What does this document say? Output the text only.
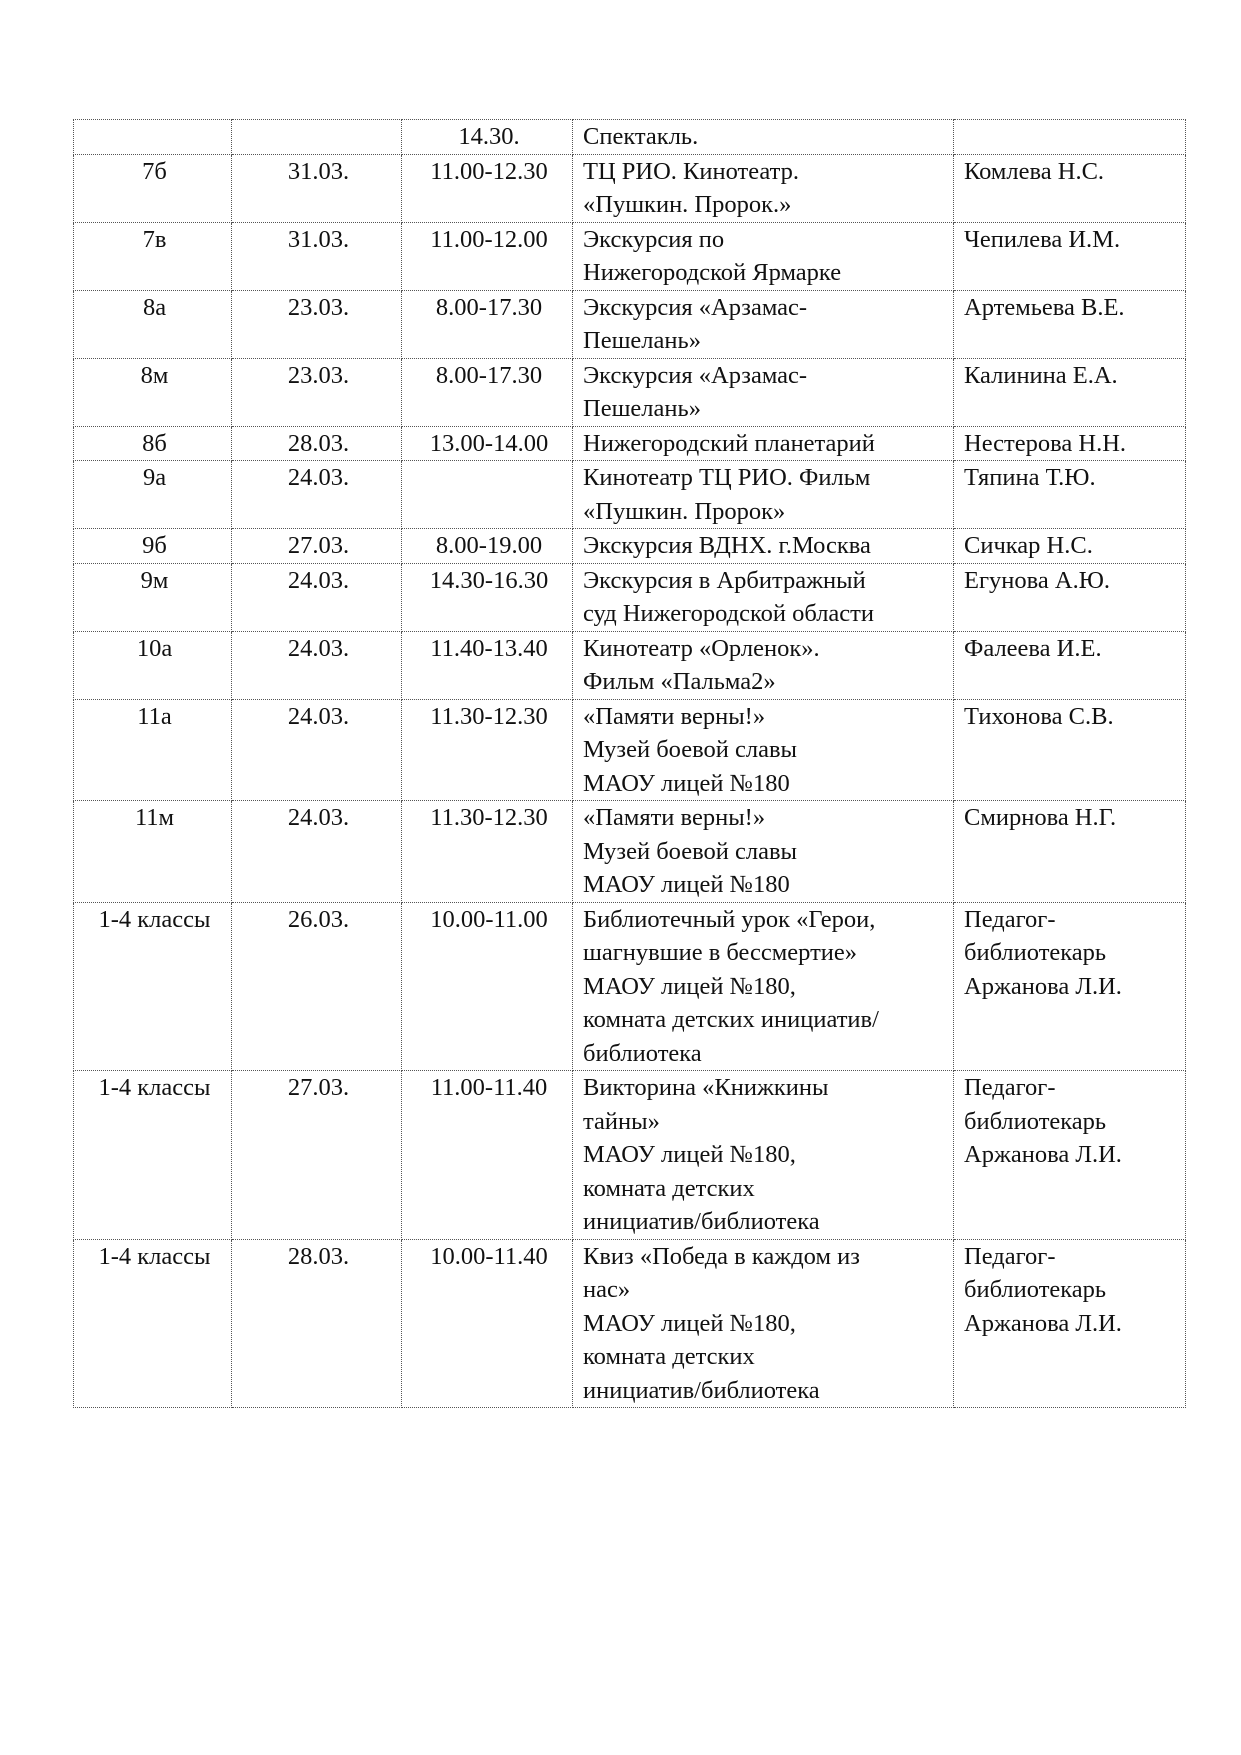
		14.30.	Спектакль.	
7б	31.03.	11.00-12.30	ТЦ РИО. Кинотеатр.
«Пушкин. Пророк.»	Комлева Н.С.
7в	31.03.	11.00-12.00	Экскурсия по
Нижегородской Ярмарке	Чепилева И.М.
8а	23.03.	8.00-17.30	Экскурсия «Арзамас-
Пешелань»	Артемьева В.Е.
8м	23.03.	8.00-17.30	Экскурсия «Арзамас-
Пешелань»	Калинина Е.А.
8б	28.03.	13.00-14.00	Нижегородский планетарий	Нестерова Н.Н.
9а	24.03.		Кинотеатр ТЦ РИО. Фильм
«Пушкин. Пророк»	Тяпина Т.Ю.
9б	27.03.	8.00-19.00	Экскурсия ВДНХ. г.Москва	Сичкар Н.С.
9м	24.03.	14.30-16.30	Экскурсия в Арбитражный
суд Нижегородской области	Егунова А.Ю.
10а	24.03.	11.40-13.40	Кинотеатр «Орленок».
Фильм «Пальма2»	Фалеева И.Е.
11а	24.03.	11.30-12.30	«Памяти верны!»
Музей боевой славы
МАОУ лицей №180	Тихонова С.В.
11м	24.03.	11.30-12.30	«Памяти верны!»
Музей боевой славы
МАОУ лицей №180	Смирнова Н.Г.
1-4 классы	26.03.	10.00-11.00	Библиотечный урок «Герои,
шагнувшие в бессмертие»
МАОУ лицей №180,
комната детских инициатив/
библиотека	Педагог-
библиотекарь
Аржанова Л.И.
1-4 классы	27.03.	11.00-11.40	Викторина «Книжкины
тайны»
МАОУ лицей №180,
комната детских
инициатив/библиотека	Педагог-
библиотекарь
Аржанова Л.И.
1-4 классы	28.03.	10.00-11.40	Квиз «Победа в каждом из
нас»
МАОУ лицей №180,
комната детских
инициатив/библиотека	Педагог-
библиотекарь
Аржанова Л.И.
